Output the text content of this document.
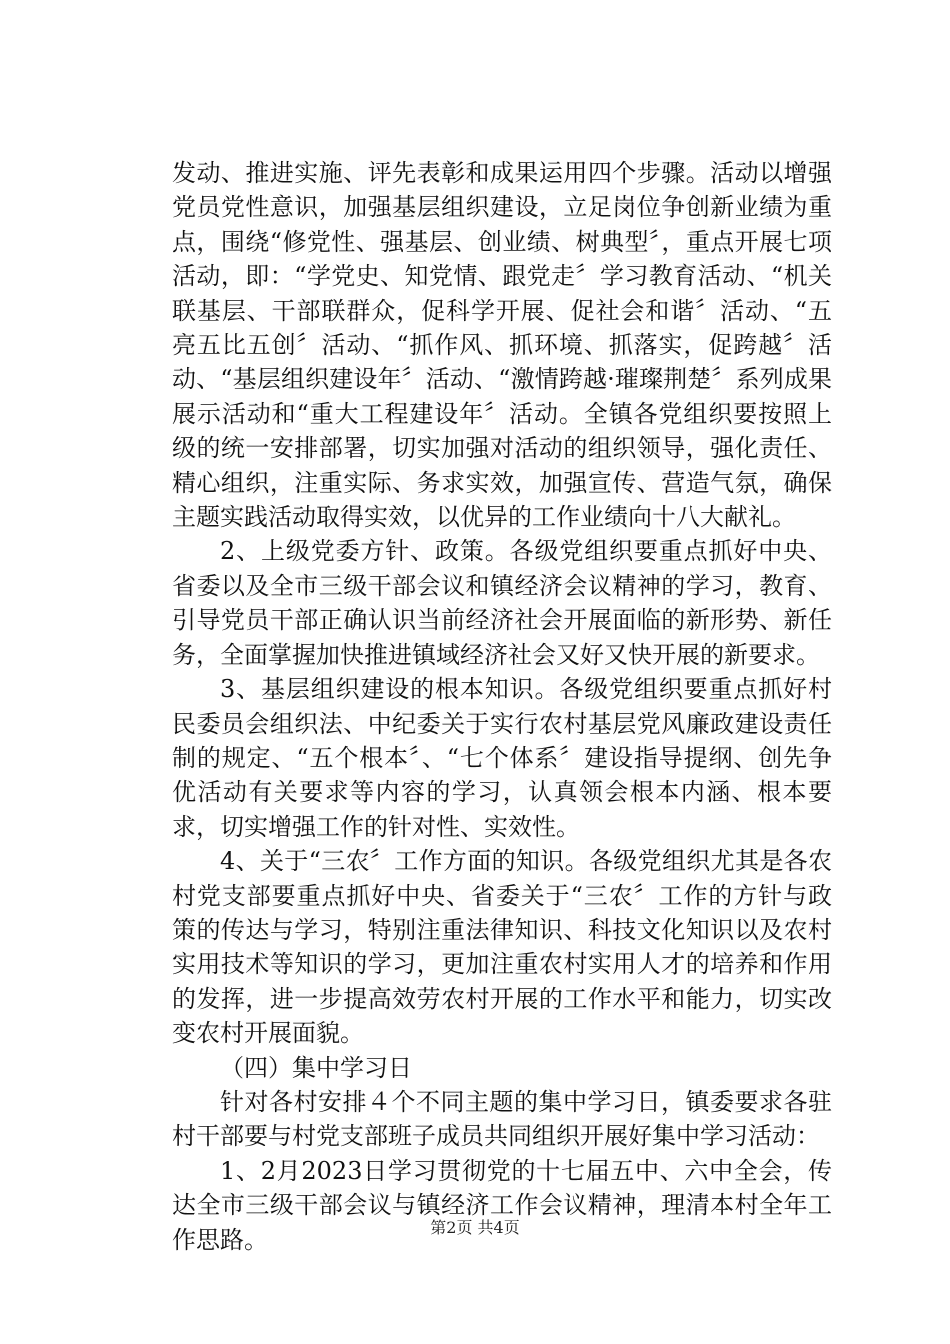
发动、推进实施、评先表彰和成果运用四个步骤。活动以增强党员党性意识，加强基层组织建设，立足岗位争创新业绩为重点，围绕“修党性、强基层、创业绩、树典型〞，重点开展七项活动，即：“学党史、知党情、跟党走〞学习教育活动、“机关联基层、干部联群众，促科学开展、促社会和谐〞活动、“五亮五比五创〞活动、“抓作风、抓环境、抓落实，促跨越〞活动、“基层组织建设年〞活动、“激情跨越·璀璨荆楚〞系列成果展示活动和“重大工程建设年〞活动。全镇各党组织要按照上级的统一安排部署，切实加强对活动的组织领导，强化责任、精心组织，注重实际、务求实效，加强宣传、营造气氛，确保主题实践活动取得实效，以优异的工作业绩向十八大献礼。

2、上级党委方针、政策。各级党组织要重点抓好中央、省委以及全市三级干部会议和镇经济会议精神的学习，教育、引导党员干部正确认识当前经济社会开展面临的新形势、新任务，全面掌握加快推进镇域经济社会又好又快开展的新要求。

3、基层组织建设的根本知识。各级党组织要重点抓好村民委员会组织法、中纪委关于实行农村基层党风廉政建设责任制的规定、“五个根本〞、“七个体系〞建设指导提纲、创先争优活动有关要求等内容的学习，认真领会根本内涵、根本要求，切实增强工作的针对性、实效性。

4、关于“三农〞工作方面的知识。各级党组织尤其是各农村党支部要重点抓好中央、省委关于“三农〞工作的方针与政策的传达与学习，特别注重法律知识、科技文化知识以及农村实用技术等知识的学习，更加注重农村实用人才的培养和作用的发挥，进一步提高效劳农村开展的工作水平和能力，切实改变农村开展面貌。

（四）集中学习日

针对各村安排４个不同主题的集中学习日，镇委要求各驻村干部要与村党支部班子成员共同组织开展好集中学习活动：

1、2月2023日学习贯彻党的十七届五中、六中全会，传达全市三级干部会议与镇经济工作会议精神，理清本村全年工作思路。	第2页 共4页
